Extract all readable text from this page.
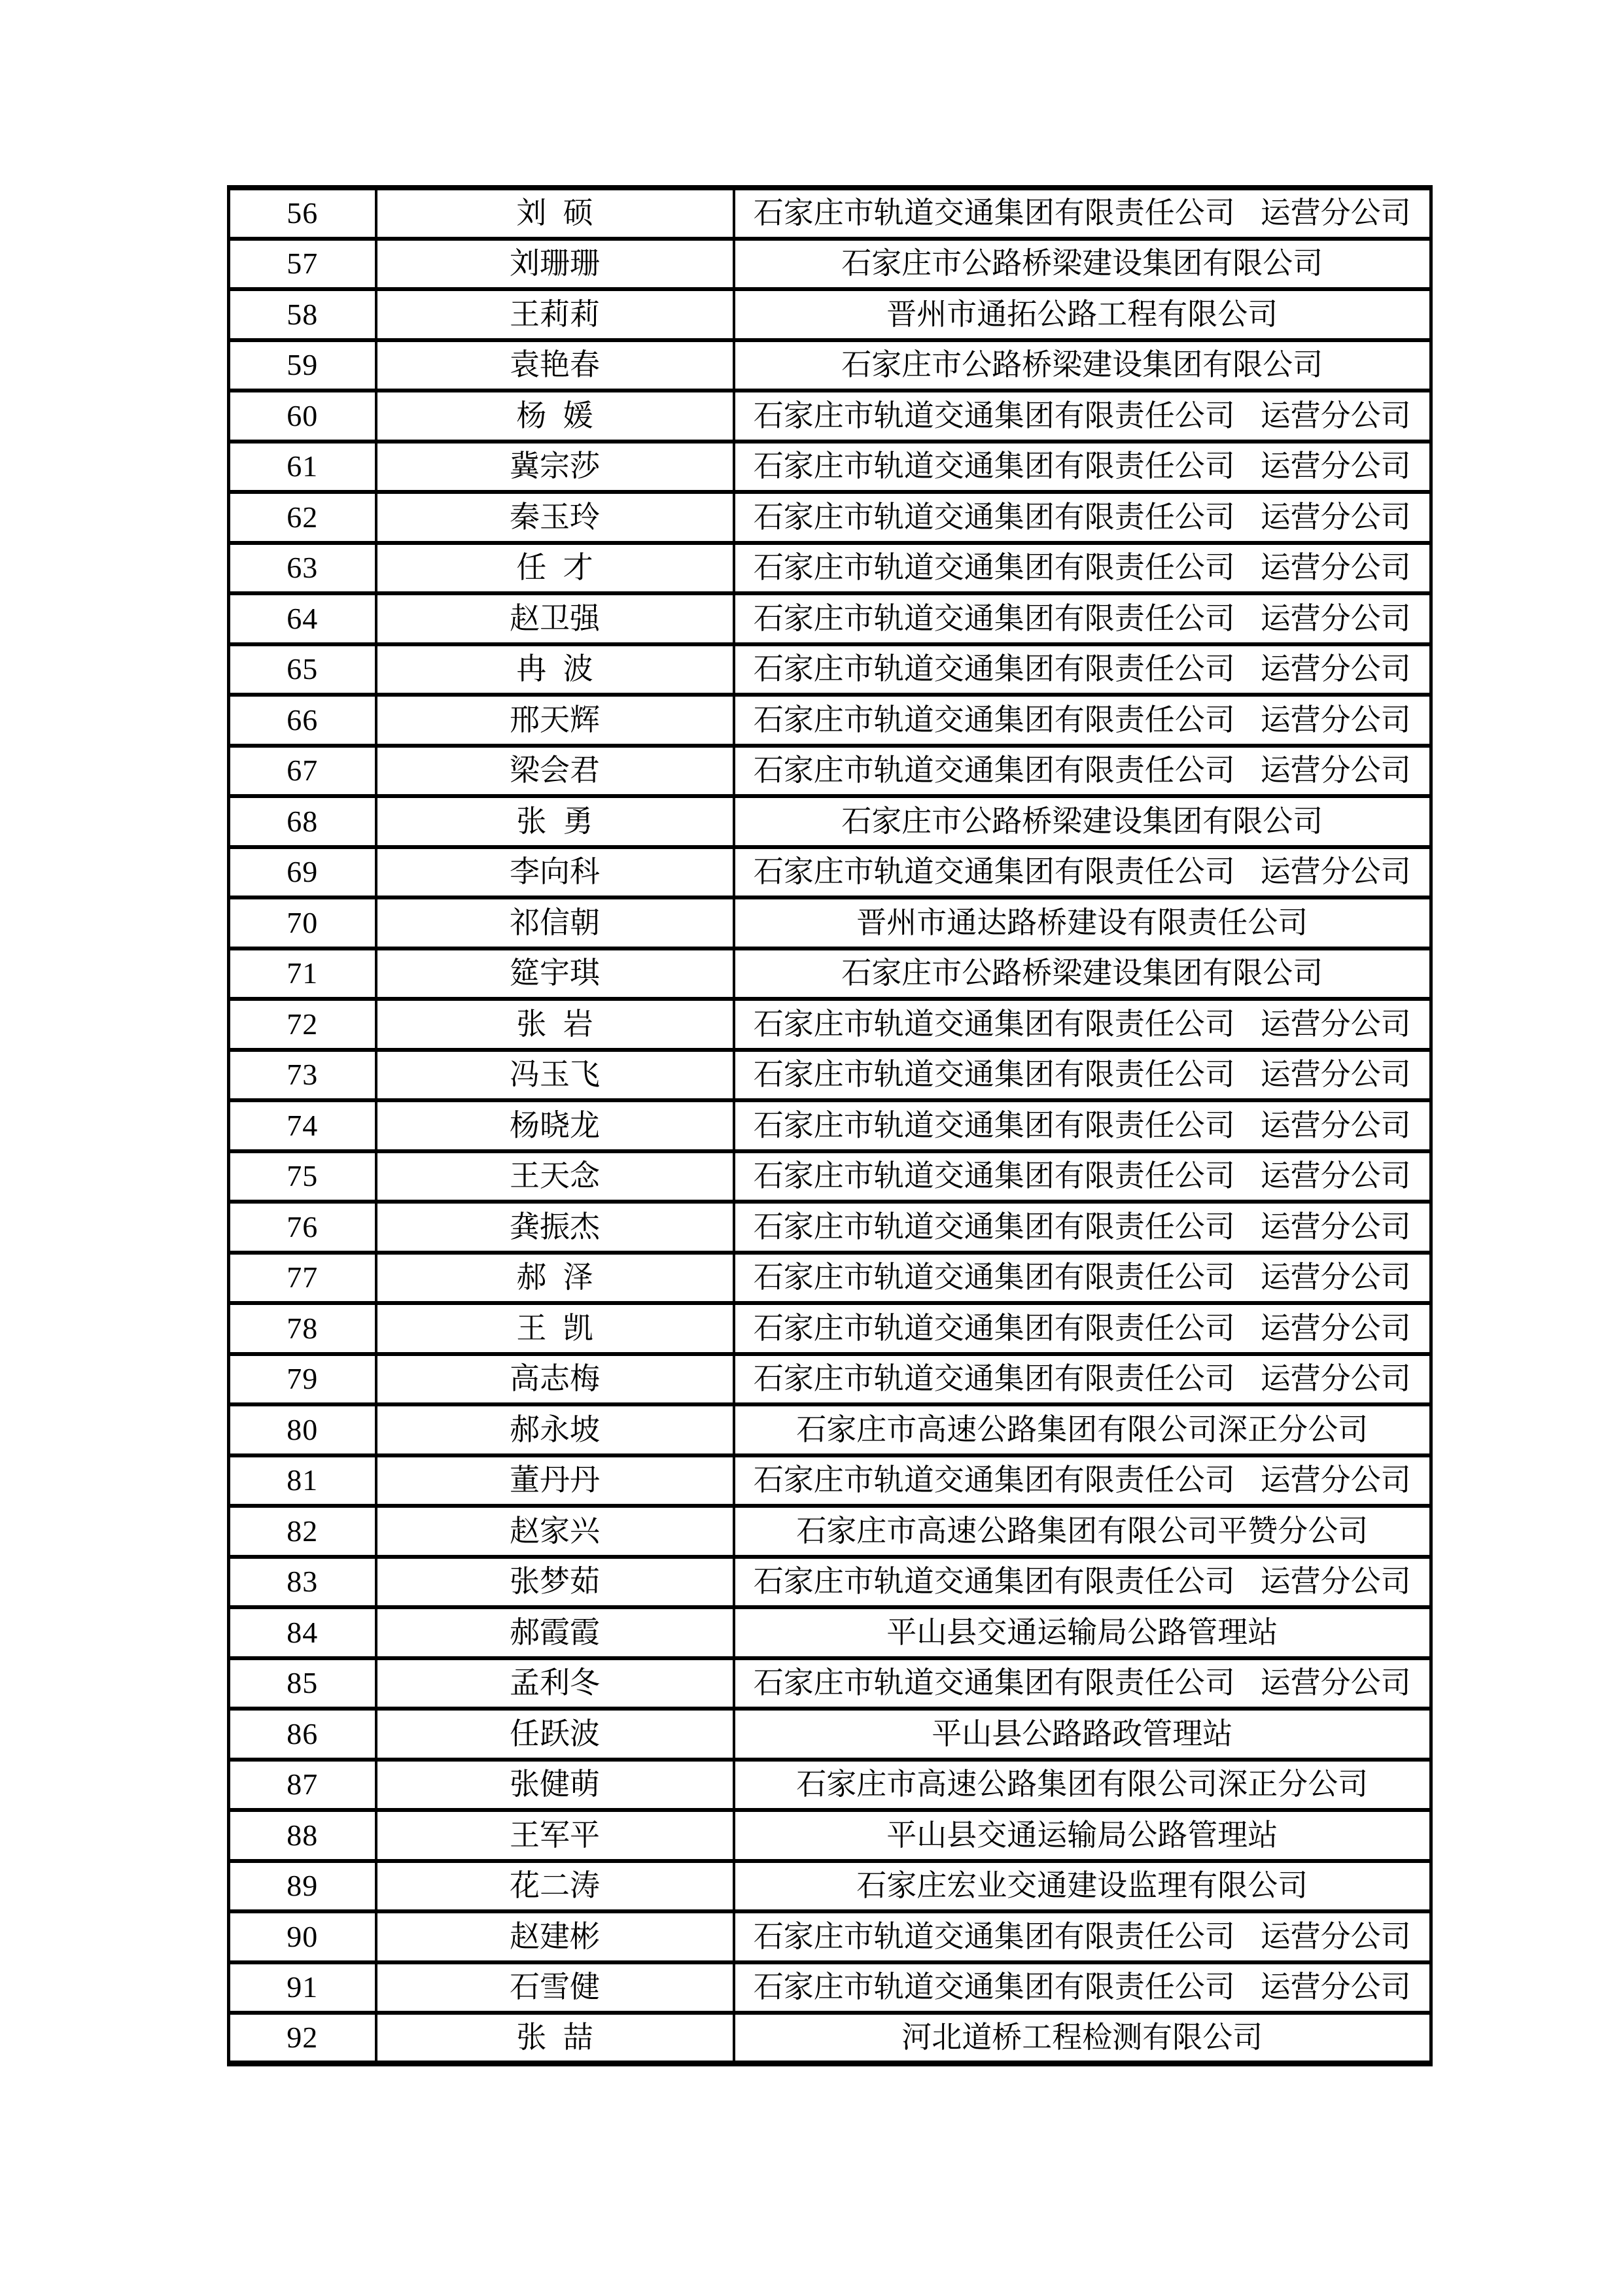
56	刘 硕	石家庄市轨道交通集团有限责任公司 运营分公司
57	刘珊珊	石家庄市公路桥梁建设集团有限公司
58	王莉莉	晋州市通拓公路工程有限公司
59	袁艳春	石家庄市公路桥梁建设集团有限公司
60	杨 媛	石家庄市轨道交通集团有限责任公司 运营分公司
61	冀宗莎	石家庄市轨道交通集团有限责任公司 运营分公司
62	秦玉玲	石家庄市轨道交通集团有限责任公司 运营分公司
63	任 才	石家庄市轨道交通集团有限责任公司 运营分公司
64	赵卫强	石家庄市轨道交通集团有限责任公司 运营分公司
65	冉 波	石家庄市轨道交通集团有限责任公司 运营分公司
66	邢天辉	石家庄市轨道交通集团有限责任公司 运营分公司
67	梁会君	石家庄市轨道交通集团有限责任公司 运营分公司
68	张 勇	石家庄市公路桥梁建设集团有限公司
69	李向科	石家庄市轨道交通集团有限责任公司 运营分公司
70	祁信朝	晋州市通达路桥建设有限责任公司
71	筵宇琪	石家庄市公路桥梁建设集团有限公司
72	张 岩	石家庄市轨道交通集团有限责任公司 运营分公司
73	冯玉飞	石家庄市轨道交通集团有限责任公司 运营分公司
74	杨晓龙	石家庄市轨道交通集团有限责任公司 运营分公司
75	王天念	石家庄市轨道交通集团有限责任公司 运营分公司
76	龚振杰	石家庄市轨道交通集团有限责任公司 运营分公司
77	郝 泽	石家庄市轨道交通集团有限责任公司 运营分公司
78	王 凯	石家庄市轨道交通集团有限责任公司 运营分公司
79	高志梅	石家庄市轨道交通集团有限责任公司 运营分公司
80	郝永坡	石家庄市高速公路集团有限公司深正分公司
81	董丹丹	石家庄市轨道交通集团有限责任公司 运营分公司
82	赵家兴	石家庄市高速公路集团有限公司平赞分公司
83	张梦茹	石家庄市轨道交通集团有限责任公司 运营分公司
84	郝霞霞	平山县交通运输局公路管理站
85	孟利冬	石家庄市轨道交通集团有限责任公司 运营分公司
86	任跃波	平山县公路路政管理站
87	张健萌	石家庄市高速公路集团有限公司深正分公司
88	王军平	平山县交通运输局公路管理站
89	花二涛	石家庄宏业交通建设监理有限公司
90	赵建彬	石家庄市轨道交通集团有限责任公司 运营分公司
91	石雪健	石家庄市轨道交通集团有限责任公司 运营分公司
92	张 喆	河北道桥工程检测有限公司
